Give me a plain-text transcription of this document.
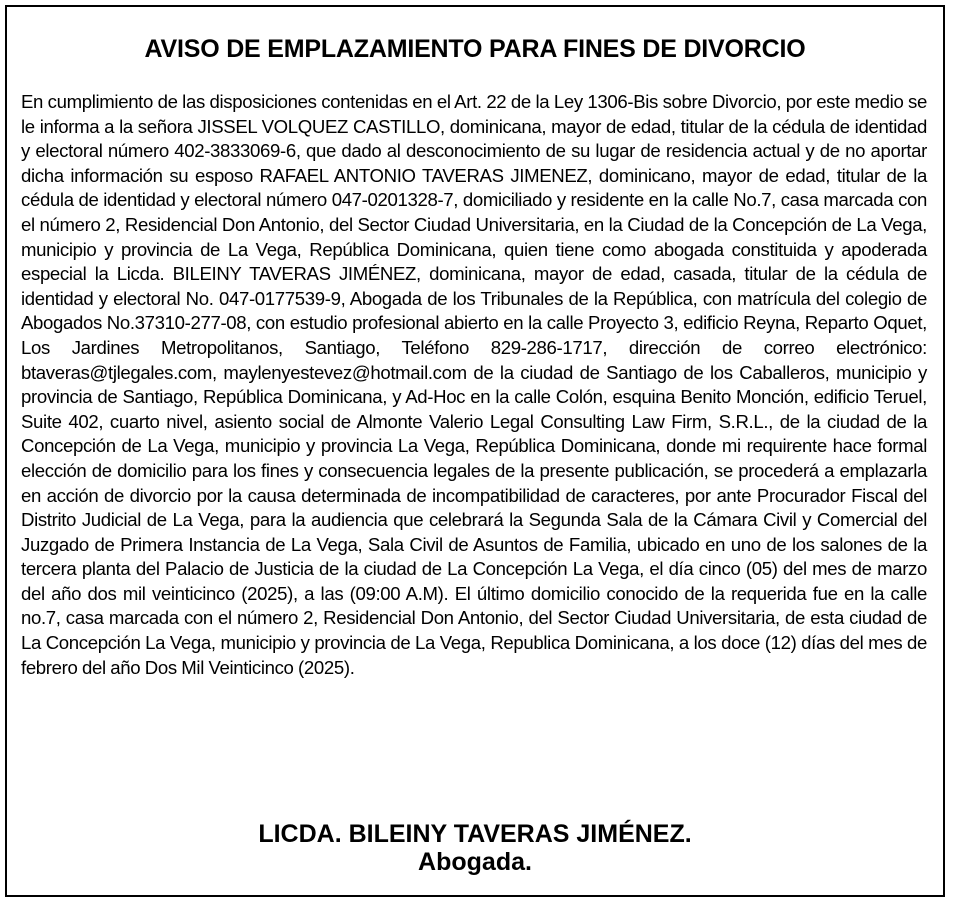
AVISO DE EMPLAZAMIENTO PARA FINES DE DIVORCIO

En cumplimiento de las disposiciones contenidas en el Art. 22 de la Ley 1306-Bis sobre Divorcio, por este medio se le informa a la señora JISSEL VOLQUEZ CASTILLO, dominicana, mayor de edad, titular de la cédula de identidad y electoral número 402-3833069-6, que dado al desconocimiento de su lugar de residencia actual y de no aportar dicha información su esposo RAFAEL ANTONIO TAVERAS JIMENEZ, dominicano, mayor de edad, titular de la cédula de identidad y electoral número 047-0201328-7, domiciliado y residente en la calle No.7, casa marcada con el número 2, Residencial Don Antonio, del Sector Ciudad Universitaria, en la Ciudad de la Concepción de La Vega, municipio y provincia de La Vega, República Dominicana, quien tiene como abogada constituida y apoderada especial la Licda. BILEINY TAVERAS JIMÉNEZ, dominicana, mayor de edad, casada, titular de la cédula de identidad y electoral No. 047-0177539-9, Abogada de los Tribunales de la República, con matrícula del colegio de Abogados No.37310-277-08, con estudio profesional abierto en la calle Proyecto 3, edificio Reyna, Reparto Oquet, Los Jardines Metropolitanos, Santiago, Teléfono 829-286-1717, dirección de correo electrónico: btaveras@tjlegales.com, maylenyestevez@hotmail.com de la ciudad de Santiago de los Caballeros, municipio y provincia de Santiago, República Dominicana, y Ad-Hoc en la calle Colón, esquina Benito Monción, edificio Teruel, Suite 402, cuarto nivel, asiento social de Almonte Valerio Legal Consulting Law Firm, S.R.L., de la ciudad de la Concepción de La Vega, municipio y provincia La Vega, República Dominicana, donde mi requirente hace formal elección de domicilio para los fines y consecuencia legales de la presente publicación, se procederá a emplazarla en acción de divorcio por la causa determinada de incompatibilidad de caracteres, por ante Procurador Fiscal del Distrito Judicial de La Vega, para la audiencia que celebrará la Segunda Sala de la Cámara Civil y Comercial del Juzgado de Primera Instancia de La Vega, Sala Civil de Asuntos de Familia, ubicado en uno de los salones de la tercera planta del Palacio de Justicia de la ciudad de La Concepción La Vega, el día cinco (05) del mes de marzo del año dos mil veinticinco (2025), a las (09:00 A.M). El último domicilio conocido de la requerida fue en la calle no.7, casa marcada con el número 2, Residencial Don Antonio, del Sector Ciudad Universitaria, de esta ciudad de La Concepción La Vega, municipio y provincia de La Vega, Republica Dominicana, a los doce (12) días del mes de febrero del año Dos Mil Veinticinco (2025).

LICDA. BILEINY TAVERAS JIMÉNEZ.
Abogada.
